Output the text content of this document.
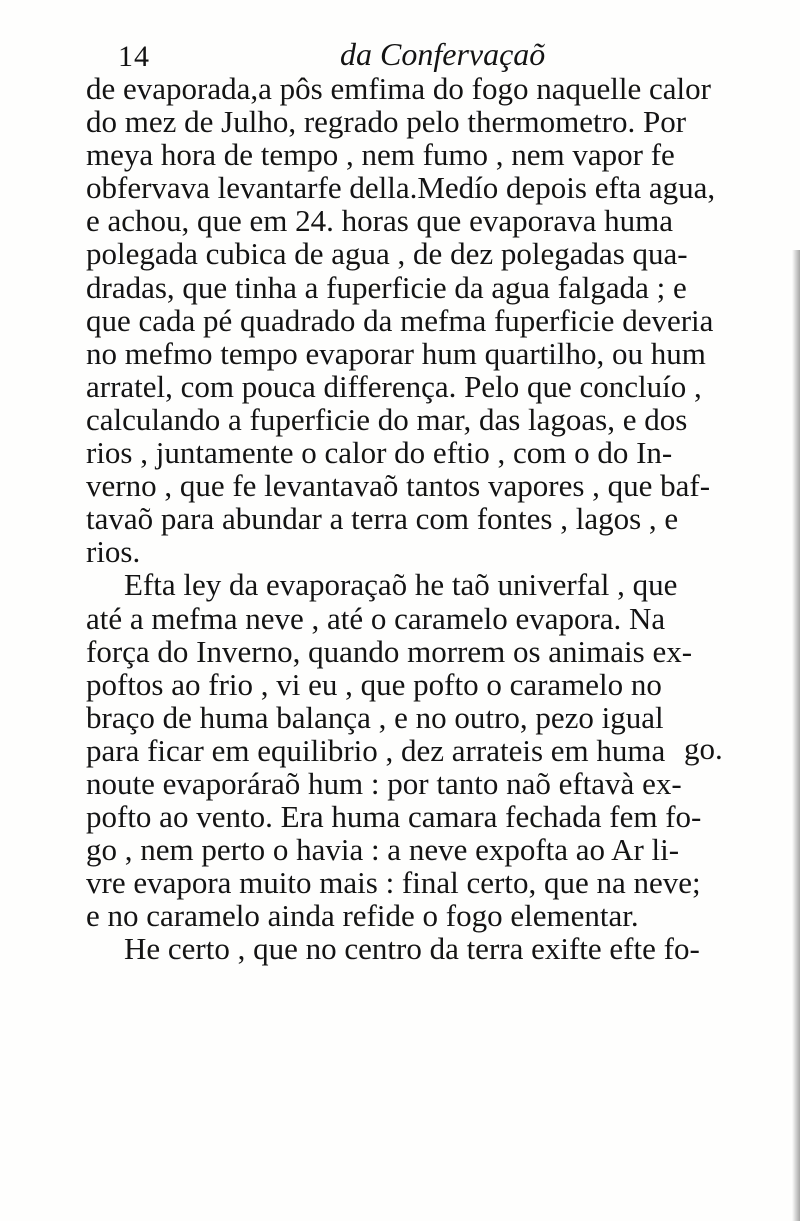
14	da Confervaçaõ
de evaporada,a pôs emfima do fogo naquelle calor
do mez de Julho, regrado pelo thermometro. Por
meya hora de tempo , nem fumo , nem vapor fe
obfervava levantarfe della.Medío depois efta agua,
e achou, que em 24. horas que evaporava huma
polegada cubica de agua , de dez polegadas qua-
dradas, que tinha a fuperficie da agua falgada ; e
que cada pé quadrado da mefma fuperficie deveria
no mefmo tempo evaporar hum quartilho, ou hum
arratel, com pouca differença. Pelo que concluío ,
calculando a fuperficie do mar, das lagoas, e dos
rios , juntamente o calor do eftio , com o do In-
verno , que fe levantavaõ tantos vapores , que baf-
tavaõ para abundar a terra com fontes , lagos , e
rios.
Efta ley da evaporaçaõ he taõ univerfal , que
até a mefma neve , até o caramelo evapora. Na
força do Inverno, quando morrem os animais ex-
poftos ao frio , vi eu , que pofto o caramelo no
braço de huma balança , e no outro, pezo igual
para ficar em equilibrio , dez arrateis em huma
noute evaporáraõ hum : por tanto naõ eftavà ex-
pofto ao vento. Era huma camara fechada fem fo-
go , nem perto o havia : a neve expofta ao Ar li-
vre evapora muito mais : final certo, que na neve;
e no caramelo ainda refide o fogo elementar.
He certo , que no centro da terra exifte efte fo-
go.
